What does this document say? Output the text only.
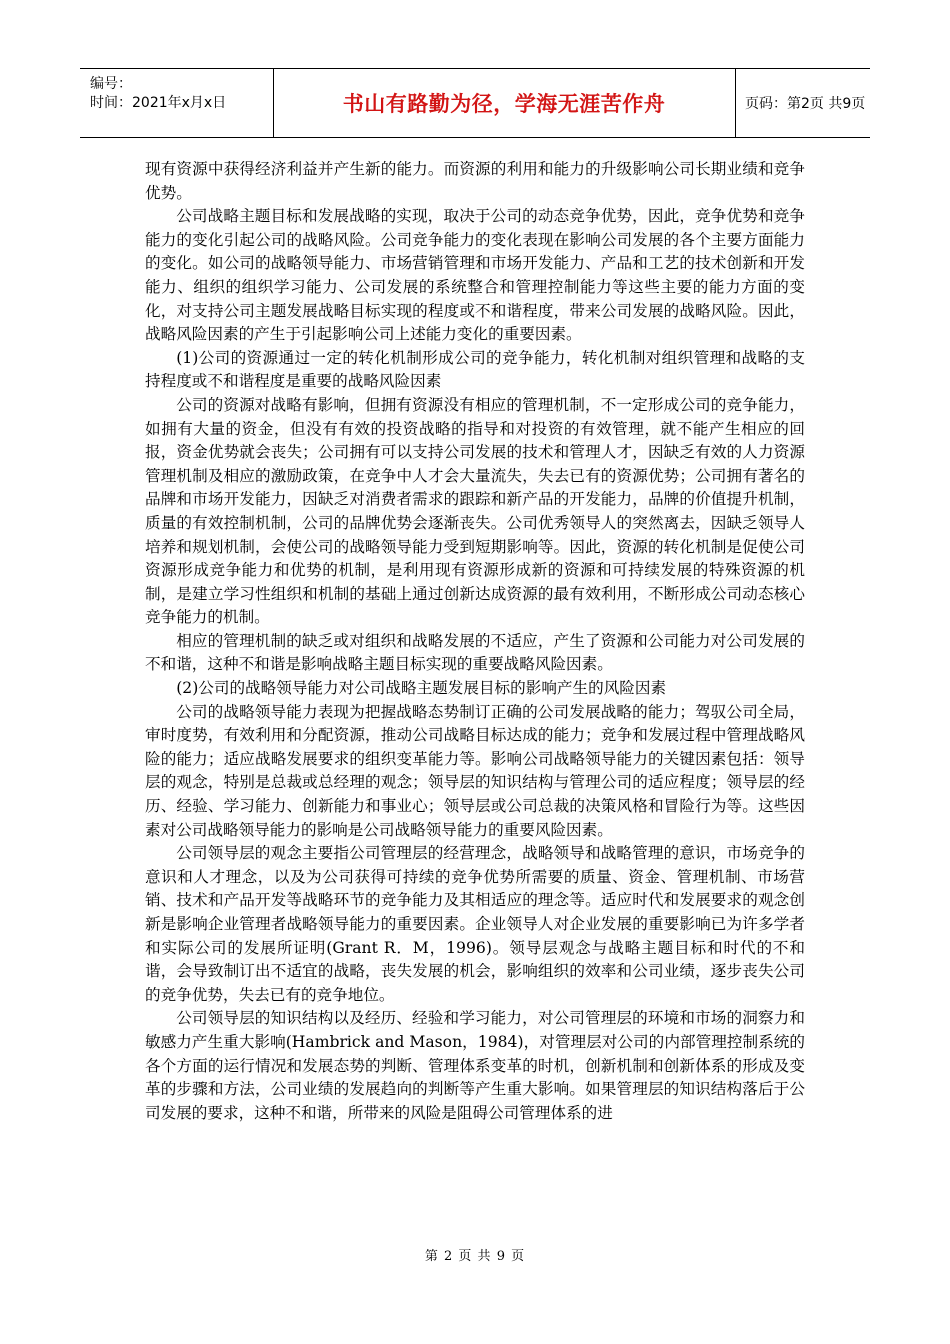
编号：
时间：2021年x月x日	书山有路勤为径，学海无涯苦作舟	页码：第2页 共9页

现有资源中获得经济利益并产生新的能力。而资源的利用和能力的升级影响公司长期业绩和竞争优势。

公司战略主题目标和发展战略的实现，取决于公司的动态竞争优势，因此，竞争优势和竞争能力的变化引起公司的战略风险。公司竞争能力的变化表现在影响公司发展的各个主要方面能力的变化。如公司的战略领导能力、市场营销管理和市场开发能力、产品和工艺的技术创新和开发能力、组织的组织学习能力、公司发展的系统整合和管理控制能力等这些主要的能力方面的变化，对支持公司主题发展战略目标实现的程度或不和谐程度，带来公司发展的战略风险。因此，战略风险因素的产生于引起影响公司上述能力变化的重要因素。

(1)公司的资源通过一定的转化机制形成公司的竞争能力，转化机制对组织管理和战略的支持程度或不和谐程度是重要的战略风险因素

公司的资源对战略有影响，但拥有资源没有相应的管理机制，不一定形成公司的竞争能力，如拥有大量的资金，但没有有效的投资战略的指导和对投资的有效管理，就不能产生相应的回报，资金优势就会丧失；公司拥有可以支持公司发展的技术和管理人才，因缺乏有效的人力资源管理机制及相应的激励政策，在竞争中人才会大量流失，失去已有的资源优势；公司拥有著名的品牌和市场开发能力，因缺乏对消费者需求的跟踪和新产品的开发能力，品牌的价值提升机制，质量的有效控制机制，公司的品牌优势会逐渐丧失。公司优秀领导人的突然离去，因缺乏领导人培养和规划机制，会使公司的战略领导能力受到短期影响等。因此，资源的转化机制是促使公司资源形成竞争能力和优势的机制，是利用现有资源形成新的资源和可持续发展的特殊资源的机制，是建立学习性组织和机制的基础上通过创新达成资源的最有效利用，不断形成公司动态核心竞争能力的机制。

相应的管理机制的缺乏或对组织和战略发展的不适应，产生了资源和公司能力对公司发展的不和谐，这种不和谐是影响战略主题目标实现的重要战略风险因素。

(2)公司的战略领导能力对公司战略主题发展目标的影响产生的风险因素

公司的战略领导能力表现为把握战略态势制订正确的公司发展战略的能力；驾驭公司全局，审时度势，有效利用和分配资源，推动公司战略目标达成的能力；竞争和发展过程中管理战略风险的能力；适应战略发展要求的组织变革能力等。影响公司战略领导能力的关键因素包括：领导层的观念，特别是总裁或总经理的观念；领导层的知识结构与管理公司的适应程度；领导层的经历、经验、学习能力、创新能力和事业心；领导层或公司总裁的决策风格和冒险行为等。这些因素对公司战略领导能力的影响是公司战略领导能力的重要风险因素。

公司领导层的观念主要指公司管理层的经营理念，战略领导和战略管理的意识，市场竞争的意识和人才理念，以及为公司获得可持续的竞争优势所需要的质量、资金、管理机制、市场营销、技术和产品开发等战略环节的竞争能力及其相适应的理念等。适应时代和发展要求的观念创新是影响企业管理者战略领导能力的重要因素。企业领导人对企业发展的重要影响已为许多学者和实际公司的发展所证明(Grant R．M，1996)。领导层观念与战略主题目标和时代的不和谐，会导致制订出不适宜的战略，丧失发展的机会，影响组织的效率和公司业绩，逐步丧失公司的竞争优势，失去已有的竞争地位。

公司领导层的知识结构以及经历、经验和学习能力，对公司管理层的环境和市场的洞察力和敏感力产生重大影响(Hambrick and Mason，1984)，对管理层对公司的内部管理控制系统的各个方面的运行情况和发展态势的判断、管理体系变革的时机，创新机制和创新体系的形成及变革的步骤和方法，公司业绩的发展趋向的判断等产生重大影响。如果管理层的知识结构落后于公司发展的要求，这种不和谐，所带来的风险是阻碍公司管理体系的进

第 2 页 共 9 页
